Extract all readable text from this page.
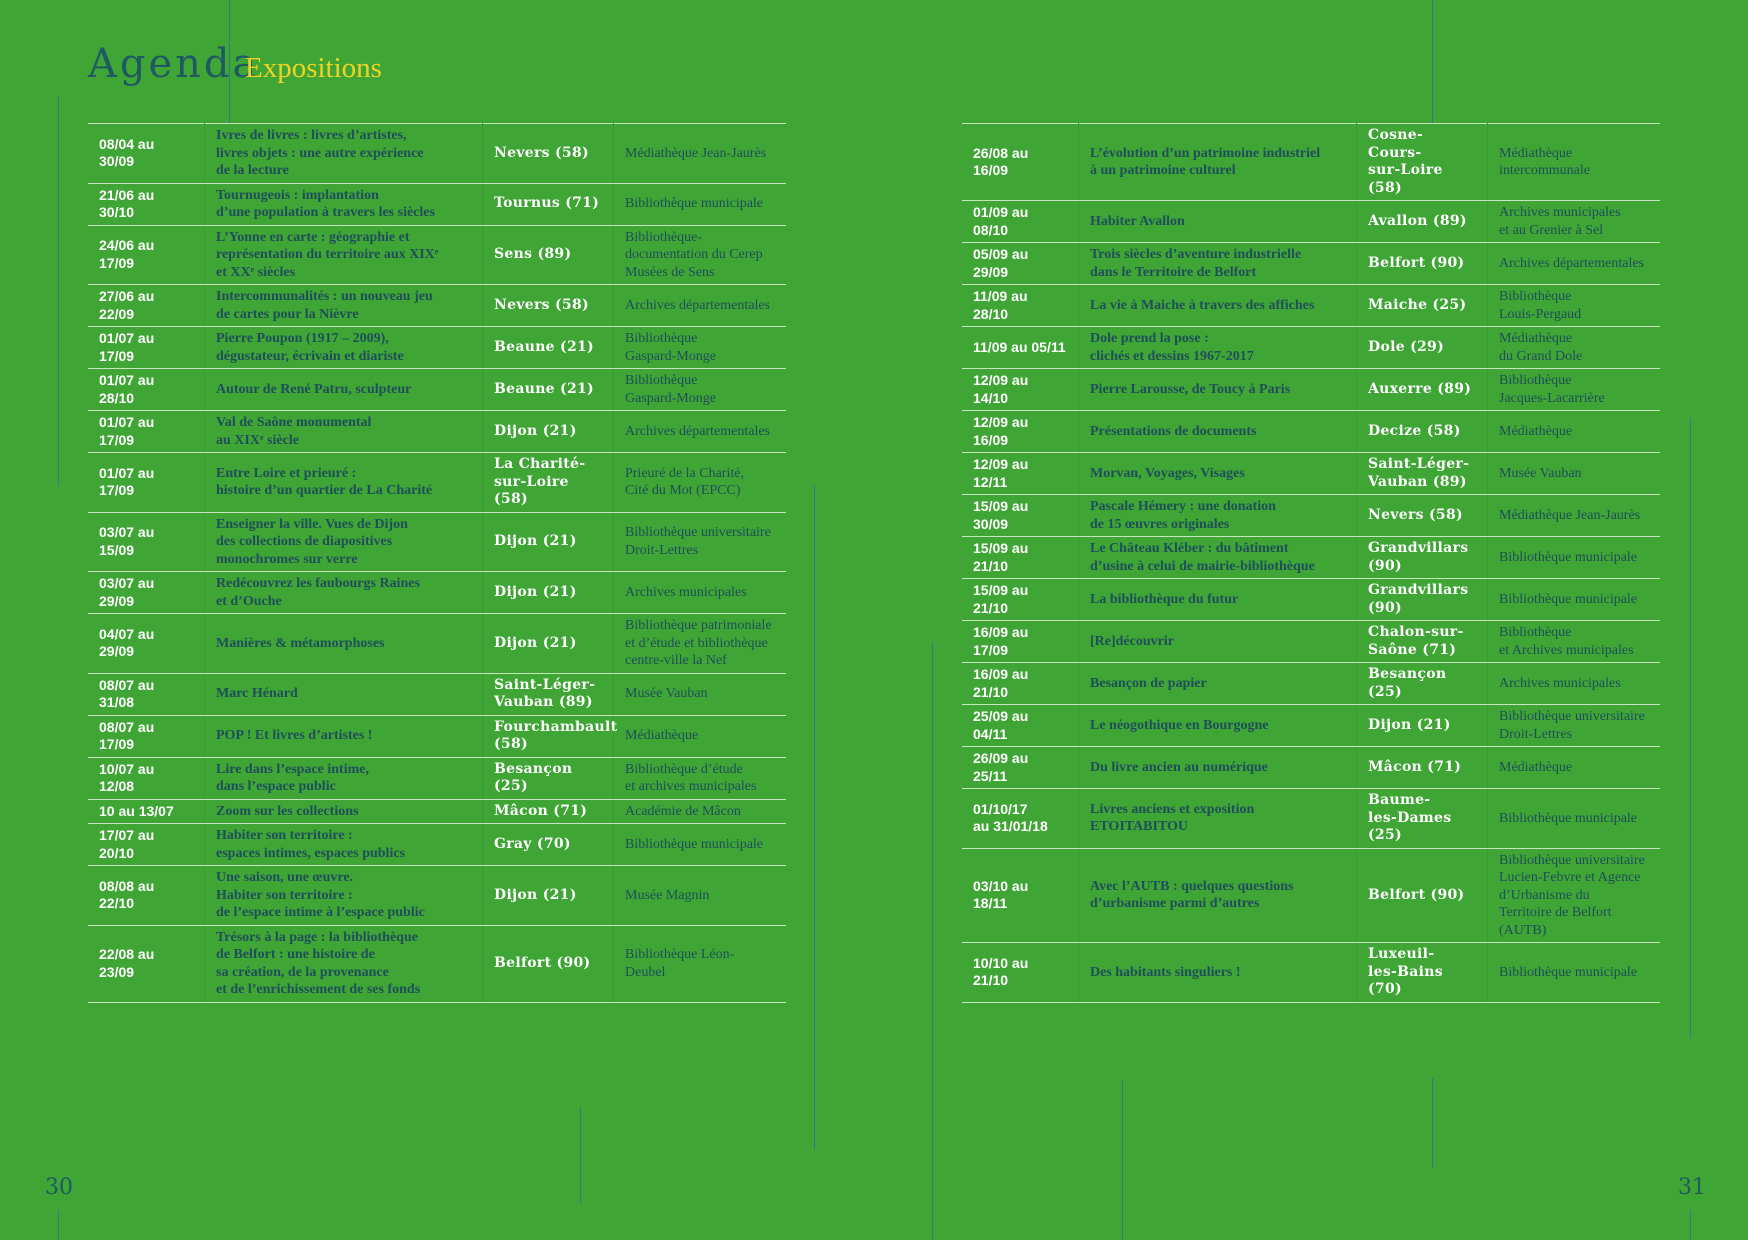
Agenda
Expositions
08/04 au 30/09	Ivres de livres : livres d’artistes,
livres objets : une autre expérience
de la lecture	Nevers (58)	Médiathèque Jean-Jaurès
21/06 au 30/10	Tournugeois : implantation
d’une population à travers les siècles	Tournus (71)	Bibliothèque municipale
24/06 au 17/09	L’Yonne en carte : géographie et
représentation du territoire aux XIXᵉ
et XXᵉ siècles	Sens (89)	Bibliothèque-
documentation du Cerep
Musées de Sens
27/06 au 22/09	Intercommunalités : un nouveau jeu
de cartes pour la Nièvre	Nevers (58)	Archives départementales
01/07 au 17/09	Pierre Poupon (1917 – 2009),
dégustateur, écrivain et diariste	Beaune (21)	Bibliothèque
Gaspard-Monge
01/07 au 28/10	Autour de René Patru, sculpteur	Beaune (21)	Bibliothèque
Gaspard-Monge
01/07 au 17/09	Val de Saône monumental
au XIXᵉ siècle	Dijon (21)	Archives départementales
01/07 au 17/09	Entre Loire et prieuré :
histoire d’un quartier de La Charité	La Charité-
sur-Loire (58)	Prieuré de la Charité,
Cité du Mot (EPCC)
03/07 au 15/09	Enseigner la ville. Vues de Dijon
des collections de diapositives
monochromes sur verre	Dijon (21)	Bibliothèque universitaire
Droit-Lettres
03/07 au 29/09	Redécouvrez les faubourgs Raines
et d’Ouche	Dijon (21)	Archives municipales
04/07 au 29/09	Manières & métamorphoses	Dijon (21)	Bibliothèque patrimoniale
et d’étude et bibliothèque
centre-ville la Nef
08/07 au 31/08	Marc Hénard	Saint-Léger-
Vauban (89)	Musée Vauban
08/07 au 17/09	POP ! Et livres d’artistes !	Fourchambault
(58)	Médiathèque
10/07 au 12/08	Lire dans l’espace intime,
dans l’espace public	Besançon (25)	Bibliothèque d’étude
et archives municipales
10 au 13/07	Zoom sur les collections	Mâcon (71)	Académie de Mâcon
17/07 au 20/10	Habiter son territoire :
espaces intimes, espaces publics	Gray (70)	Bibliothèque municipale
08/08 au 22/10	Une saison, une œuvre.
Habiter son territoire :
de l’espace intime à l’espace public	Dijon (21)	Musée Magnin
22/08 au 23/09	Trésors à la page : la bibliothèque
de Belfort : une histoire de
sa création, de la provenance
et de l’enrichissement de ses fonds	Belfort (90)	Bibliothèque Léon-Deubel
26/08 au 16/09	L’évolution d’un patrimoine industriel
à un patrimoine culturel	Cosne-Cours-
sur-Loire (58)	Médiathèque
intercommunale
01/09 au 08/10	Habiter Avallon	Avallon (89)	Archives municipales
et au Grenier à Sel
05/09 au 29/09	Trois siècles d’aventure industrielle
dans le Territoire de Belfort	Belfort (90)	Archives départementales
11/09 au 28/10	La vie à Maiche à travers des affiches	Maiche (25)	Bibliothèque
Louis-Pergaud
11/09 au 05/11	Dole prend la pose :
clichés et dessins 1967-2017	Dole (29)	Médiathèque
du Grand Dole
12/09 au 14/10	Pierre Larousse, de Toucy à Paris	Auxerre (89)	Bibliothèque
Jacques-Lacarrière
12/09 au 16/09	Présentations de documents	Decize (58)	Médiathèque
12/09 au 12/11	Morvan, Voyages, Visages	Saint-Léger-
Vauban (89)	Musée Vauban
15/09 au 30/09	Pascale Hémery : une donation
de 15 œuvres originales	Nevers (58)	Médiathèque Jean-Jaurès
15/09 au 21/10	Le Château Kléber : du bâtiment
d’usine à celui de mairie-bibliothèque	Grandvillars
(90)	Bibliothèque municipale
15/09 au 21/10	La bibliothèque du futur	Grandvillars
(90)	Bibliothèque municipale
16/09 au 17/09	[Re]découvrir	Chalon-sur-
Saône (71)	Bibliothèque
et Archives municipales
16/09 au 21/10	Besançon de papier	Besançon
(25)	Archives municipales
25/09 au 04/11	Le néogothique en Bourgogne	Dijon (21)	Bibliothèque universitaire
Droit-Lettres
26/09 au 25/11	Du livre ancien au numérique	Mâcon (71)	Médiathèque
01/10/17
au 31/01/18	Livres anciens et exposition
ETOITABITOU	Baume-
les-Dames
(25)	Bibliothèque municipale
03/10 au 18/11	Avec l’AUTB : quelques questions
d’urbanisme parmi d’autres	Belfort (90)	Bibliothèque universitaire
Lucien-Febvre et Agence
d’Urbanisme du
Territoire de Belfort
(AUTB)
10/10 au 21/10	Des habitants singuliers !	Luxeuil-
les-Bains (70)	Bibliothèque municipale
30	31
